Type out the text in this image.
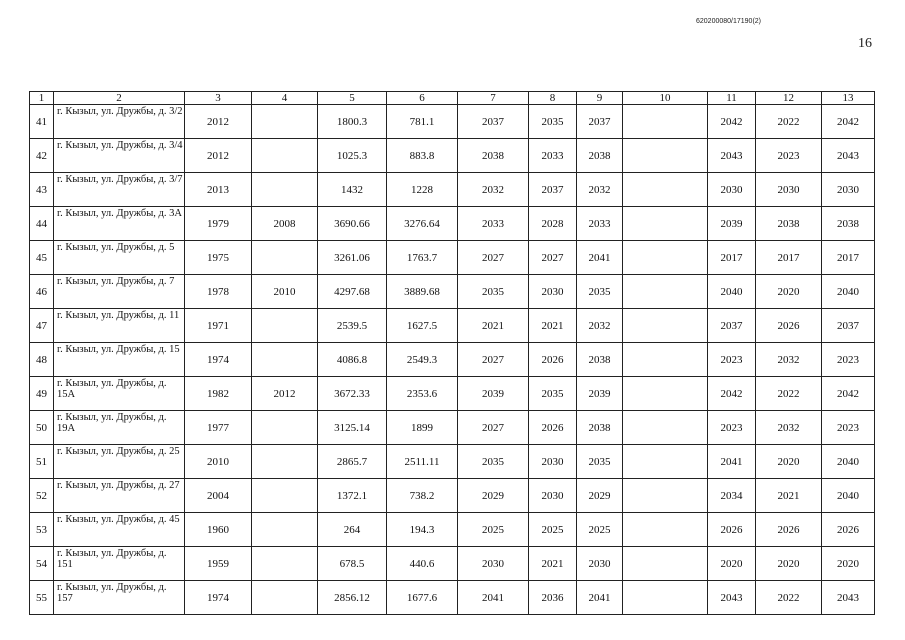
620200080/17190(2)
16
1	2	3	4	5	6	7	8	9	10	11	12	13
41	г. Кызыл, ул. Дружбы, д. 3/2	2012		1800.3	781.1	2037	2035	2037		2042	2022	2042
42	г. Кызыл, ул. Дружбы, д. 3/4	2012		1025.3	883.8	2038	2033	2038		2043	2023	2043
43	г. Кызыл, ул. Дружбы, д. 3/7	2013		1432	1228	2032	2037	2032		2030	2030	2030
44	г. Кызыл, ул. Дружбы, д. 3А	1979	2008	3690.66	3276.64	2033	2028	2033		2039	2038	2038
45	г. Кызыл, ул. Дружбы, д. 5	1975		3261.06	1763.7	2027	2027	2041		2017	2017	2017
46	г. Кызыл, ул. Дружбы, д. 7	1978	2010	4297.68	3889.68	2035	2030	2035		2040	2020	2040
47	г. Кызыл, ул. Дружбы, д. 11	1971		2539.5	1627.5	2021	2021	2032		2037	2026	2037
48	г. Кызыл, ул. Дружбы, д. 15	1974		4086.8	2549.3	2027	2026	2038		2023	2032	2023
49	г. Кызыл, ул. Дружбы, д. 15А	1982	2012	3672.33	2353.6	2039	2035	2039		2042	2022	2042
50	г. Кызыл, ул. Дружбы, д. 19А	1977		3125.14	1899	2027	2026	2038		2023	2032	2023
51	г. Кызыл, ул. Дружбы, д. 25	2010		2865.7	2511.11	2035	2030	2035		2041	2020	2040
52	г. Кызыл, ул. Дружбы, д. 27	2004		1372.1	738.2	2029	2030	2029		2034	2021	2040
53	г. Кызыл, ул. Дружбы, д. 45	1960		264	194.3	2025	2025	2025		2026	2026	2026
54	г. Кызыл, ул. Дружбы, д. 151	1959		678.5	440.6	2030	2021	2030		2020	2020	2020
55	г. Кызыл, ул. Дружбы, д. 157	1974		2856.12	1677.6	2041	2036	2041		2043	2022	2043
